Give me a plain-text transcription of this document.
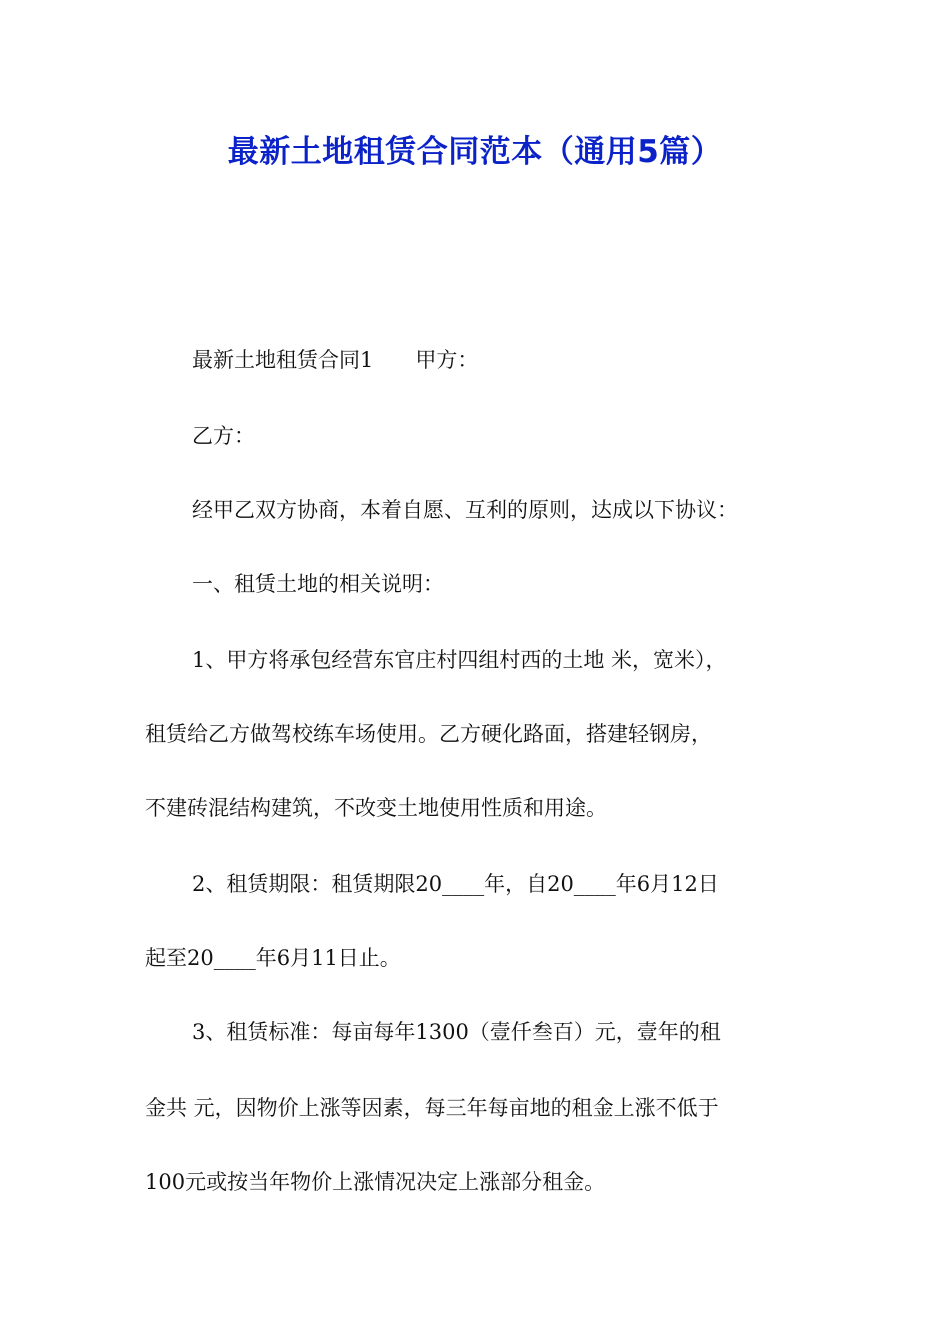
最新土地租赁合同范本（通用5篇）
最新土地租赁合同1　　甲方：
乙方：
经甲乙双方协商，本着自愿、互利的原则，达成以下协议：
一、租赁土地的相关说明：
1、甲方将承包经营东官庄村四组村西的土地 米，宽米），
租赁给乙方做驾校练车场使用。乙方硬化路面，搭建轻钢房，
不建砖混结构建筑，不改变土地使用性质和用途。
2、租赁期限：租赁期限20____年，自20____年6月12日
起至20____年6月11日止。
3、租赁标准：每亩每年1300（壹仟叁百）元，壹年的租
金共 元，因物价上涨等因素，每三年每亩地的租金上涨不低于
100元或按当年物价上涨情况决定上涨部分租金。
